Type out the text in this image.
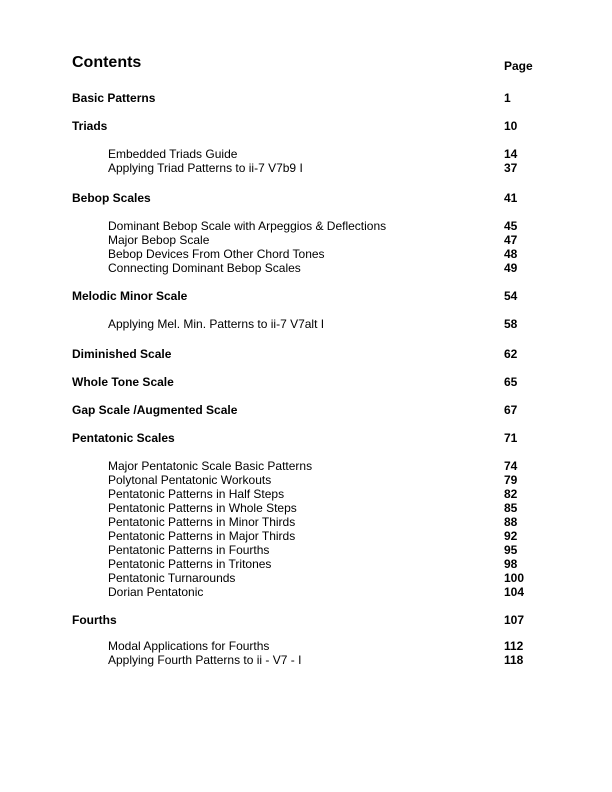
Contents	Page
Basic Patterns	1
Triads	10
Embedded Triads Guide	14
Applying Triad Patterns to ii-7 V7b9 I	37
Bebop Scales	41
Dominant Bebop Scale with Arpeggios & Deflections	45
Major Bebop Scale	47
Bebop Devices From Other Chord Tones	48
Connecting Dominant Bebop Scales	49
Melodic Minor Scale	54
Applying Mel. Min. Patterns to ii-7 V7alt I	58
Diminished Scale	62
Whole Tone Scale	65
Gap Scale /Augmented Scale	67
Pentatonic Scales	71
Major Pentatonic Scale Basic Patterns	74
Polytonal Pentatonic Workouts	79
Pentatonic Patterns in Half Steps	82
Pentatonic Patterns in Whole Steps	85
Pentatonic Patterns in Minor Thirds	88
Pentatonic Patterns in Major Thirds	92
Pentatonic Patterns in Fourths	95
Pentatonic Patterns in Tritones	98
Pentatonic Turnarounds	100
Dorian Pentatonic	104
Fourths	107
Modal Applications for Fourths	112
Applying Fourth Patterns to ii - V7 - I	118
